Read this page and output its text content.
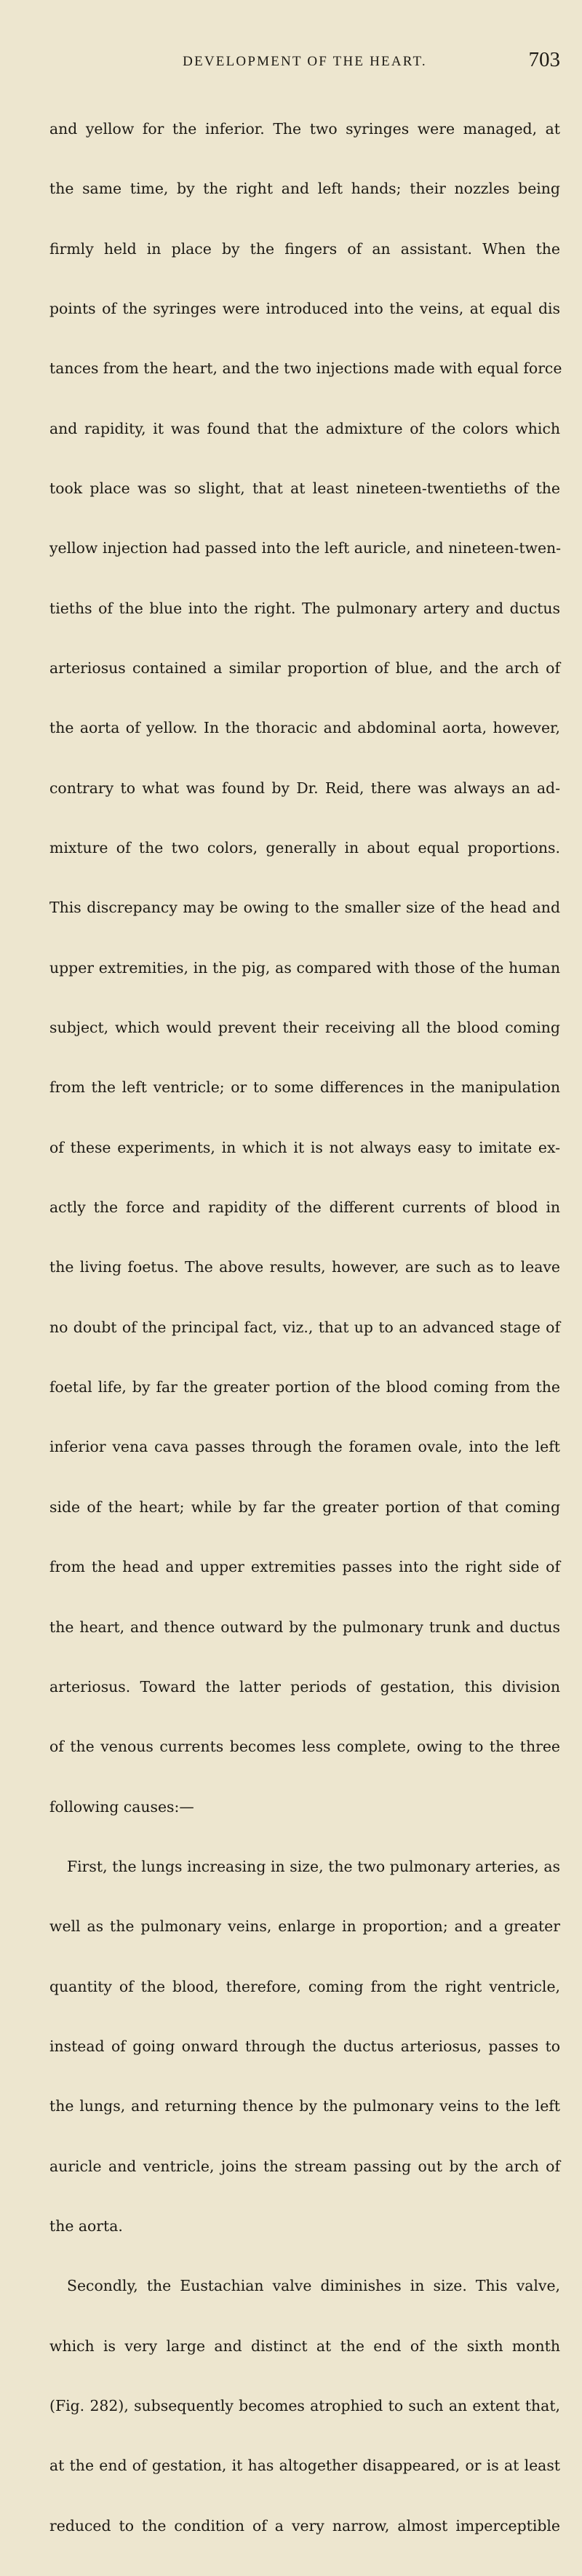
DEVELOPMENT OF THE HEART.	703

and yellow for the inferior. The two syringes were managed, at

the same time, by the right and left hands; their nozzles being

firmly held in place by the fingers of an assistant. When the

points of the syringes were introduced into the veins, at equal dis

tances from the heart, and the two injections made with equal force

and rapidity, it was found that the admixture of the colors which

took place was so slight, that at least nineteen-twentieths of the

yellow injection had passed into the left auricle, and nineteen-twen-

tieths of the blue into the right. The pulmonary artery and ductus

arteriosus contained a similar proportion of blue, and the arch of

the aorta of yellow. In the thoracic and abdominal aorta, however,

contrary to what was found by Dr. Reid, there was always an ad-

mixture of the two colors, generally in about equal proportions.

This discrepancy may be owing to the smaller size of the head and

upper extremities, in the pig, as compared with those of the human

subject, which would prevent their receiving all the blood coming

from the left ventricle; or to some differences in the manipulation

of these experiments, in which it is not always easy to imitate ex-

actly the force and rapidity of the different currents of blood in

the living foetus. The above results, however, are such as to leave

no doubt of the principal fact, viz., that up to an advanced stage of

foetal life, by far the greater portion of the blood coming from the

inferior vena cava passes through the foramen ovale, into the left

side of the heart; while by far the greater portion of that coming

from the head and upper extremities passes into the right side of

the heart, and thence outward by the pulmonary trunk and ductus

arteriosus. Toward the latter periods of gestation, this division

of the venous currents becomes less complete, owing to the three

following causes:—

First, the lungs increasing in size, the two pulmonary arteries, as

well as the pulmonary veins, enlarge in proportion; and a greater

quantity of the blood, therefore, coming from the right ventricle,

instead of going onward through the ductus arteriosus, passes to

the lungs, and returning thence by the pulmonary veins to the left

auricle and ventricle, joins the stream passing out by the arch of

the aorta.

Secondly, the Eustachian valve diminishes in size. This valve,

which is very large and distinct at the end of the sixth month

(Fig. 282), subsequently becomes atrophied to such an extent that,

at the end of gestation, it has altogether disappeared, or is at least

reduced to the condition of a very narrow, almost imperceptible
